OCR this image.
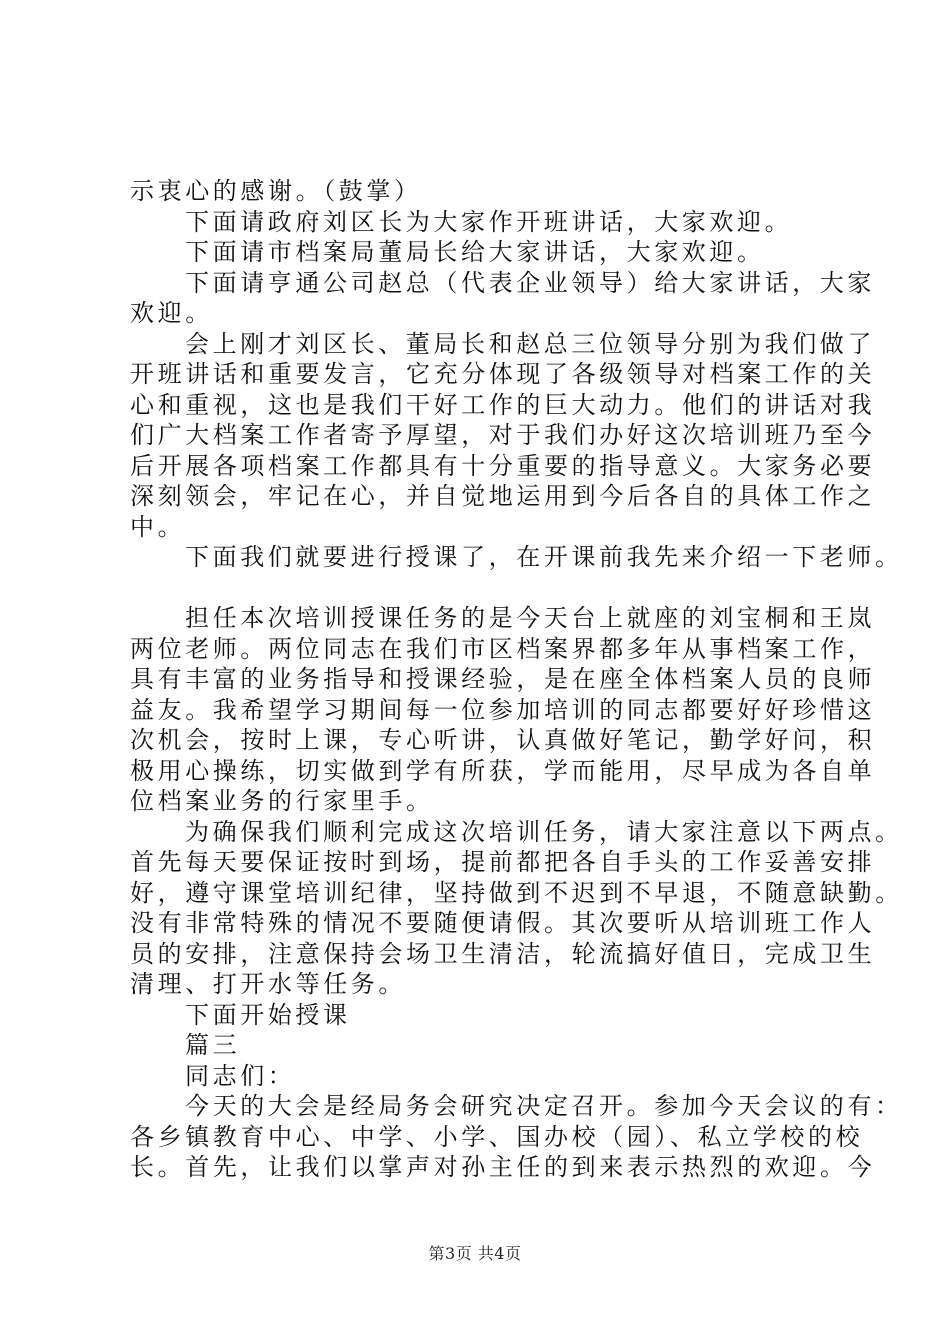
示衷心的感谢。（鼓掌）
下面请政府刘区长为大家作开班讲话，大家欢迎。
下面请市档案局董局长给大家讲话，大家欢迎。
下面请亨通公司赵总（代表企业领导）给大家讲话，大家
欢迎。
会上刚才刘区长、董局长和赵总三位领导分别为我们做了
开班讲话和重要发言，它充分体现了各级领导对档案工作的关
心和重视，这也是我们干好工作的巨大动力。他们的讲话对我
们广大档案工作者寄予厚望，对于我们办好这次培训班乃至今
后开展各项档案工作都具有十分重要的指导意义。大家务必要
深刻领会，牢记在心，并自觉地运用到今后各自的具体工作之
中。
下面我们就要进行授课了，在开课前我先来介绍一下老师。
担任本次培训授课任务的是今天台上就座的刘宝桐和王岚
两位老师。两位同志在我们市区档案界都多年从事档案工作，
具有丰富的业务指导和授课经验，是在座全体档案人员的良师
益友。我希望学习期间每一位参加培训的同志都要好好珍惜这
次机会，按时上课，专心听讲，认真做好笔记，勤学好问，积
极用心操练，切实做到学有所获，学而能用，尽早成为各自单
位档案业务的行家里手。
为确保我们顺利完成这次培训任务，请大家注意以下两点。
首先每天要保证按时到场，提前都把各自手头的工作妥善安排
好，遵守课堂培训纪律，坚持做到不迟到不早退，不随意缺勤。
没有非常特殊的情况不要随便请假。其次要听从培训班工作人
员的安排，注意保持会场卫生清洁，轮流搞好值日，完成卫生
清理、打开水等任务。
下面开始授课
篇三
同志们：
今天的大会是经局务会研究决定召开。参加今天会议的有：
各乡镇教育中心、中学、小学、国办校（园）、私立学校的校
长。首先，让我们以掌声对孙主任的到来表示热烈的欢迎。今
第3页 共4页
